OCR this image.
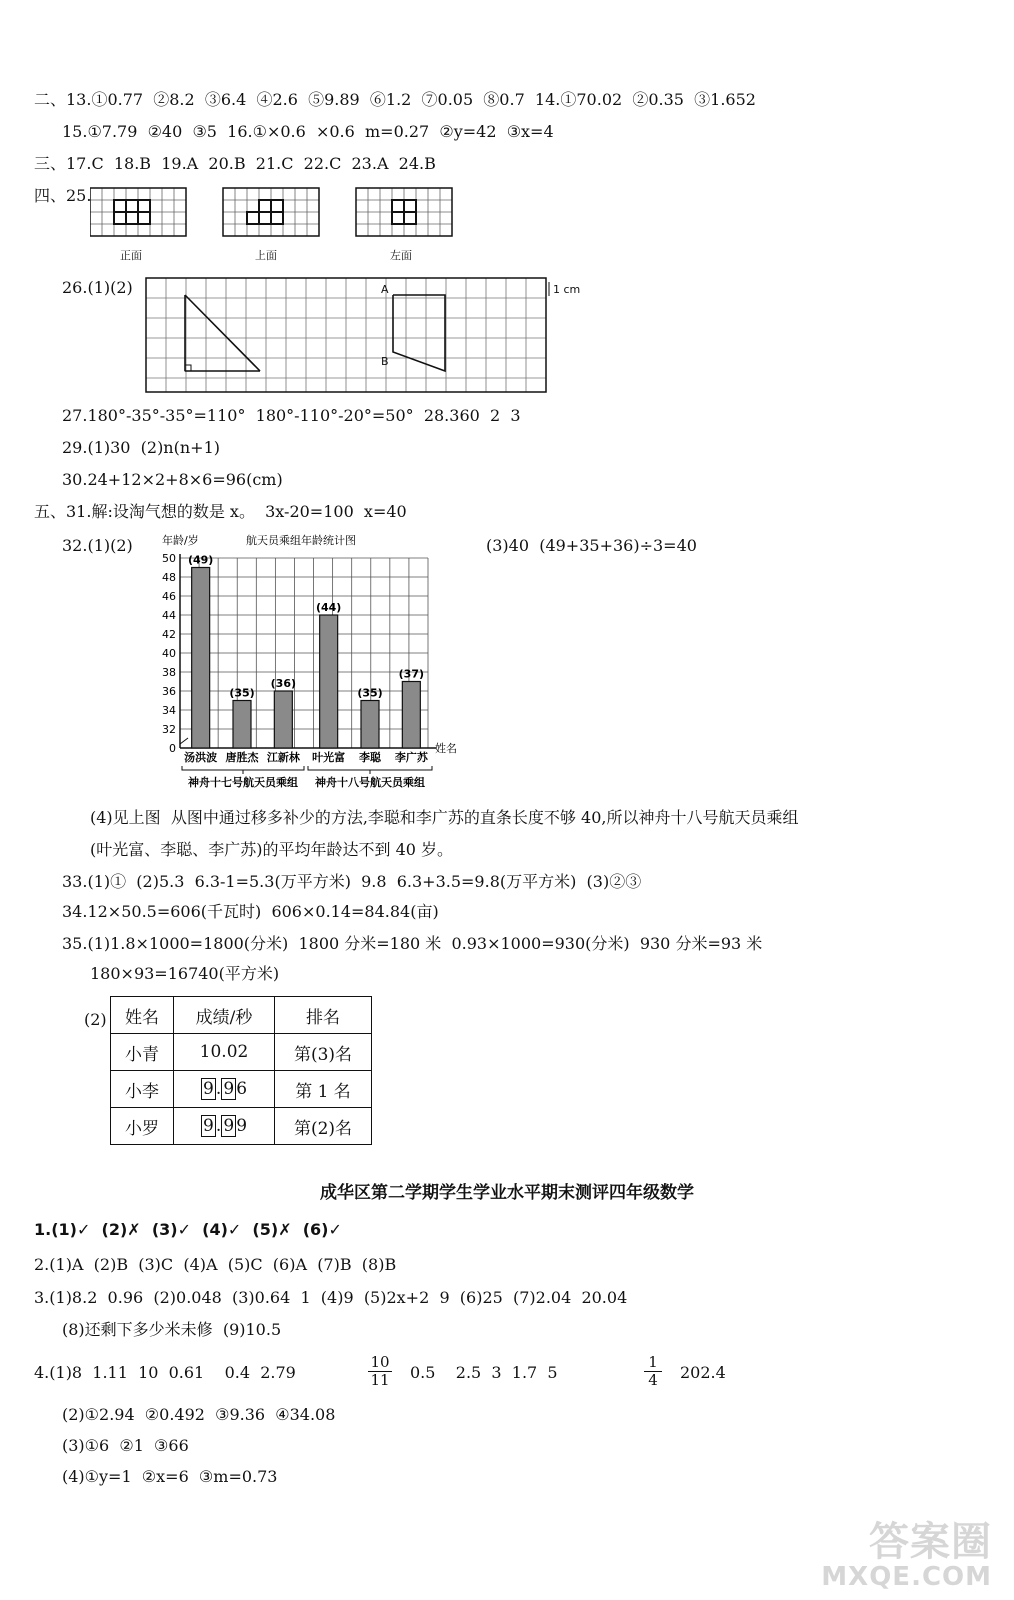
二、13.①0.77  ②8.2  ③6.4  ④2.6  ⑤9.89  ⑥1.2  ⑦0.05  ⑧0.7  14.①70.02  ②0.35  ③1.652
15.①7.79  ②40  ③5  16.①×0.6  ×0.6  m=0.27  ②y=42  ③x=4
三、17.C  18.B  19.A  20.B  21.C  22.C  23.A  24.B
四、25.
正面	上面	左面
26.(1)(2)	A
B
1 cm
27.180°-35°-35°=110°  180°-110°-20°=50°  28.360  2  3
29.(1)30  (2)n(n+1)
30.24+12×2+8×6=96(cm)
五、31.解:设淘气想的数是 x。  3x-20=100  x=40
32.(1)(2)	(3)40  (49+35+36)÷3=40
年龄/岁	航天员乘组年龄统计图
姓名
0
32
34
36
38
40
42
44
46
48
50 (49)
汤洪波
(35)
唐胜杰
(36)
江新林
(44)
叶光富
(35)
李聪
(37)
李广苏
神舟十七号航天员乘组 神舟十八号航天员乘组
(4)见上图  从图中通过移多补少的方法,李聪和李广苏的直条长度不够 40,所以神舟十八号航天员乘组
(叶光富、李聪、李广苏)的平均年龄达不到 40 岁。
33.(1)①  (2)5.3  6.3-1=5.3(万平方米)  9.8  6.3+3.5=9.8(万平方米)  (3)②③
34.12×50.5=606(千瓦时)  606×0.14=84.84(亩)
35.(1)1.8×1000=1800(分米)  1800 分米=180 米  0.93×1000=930(分米)  930 分米=93 米
180×93=16740(平方米)
(2) 姓名	成绩/秒	排名
小青	10.02	第(3)名
小李	9 . 9 6	第 1 名
小罗	9 . 9 9	第(2)名
成华区第二学期学生学业水平期末测评四年级数学
1.(1)✓  (2)✗  (3)✓  (4)✓  (5)✗  (6)✓
2.(1)A  (2)B  (3)C  (4)A  (5)C  (6)A  (7)B  (8)B
3.(1)8.2  0.96  (2)0.048  (3)0.64  1  (4)9  (5)2x+2  9  (6)25  (7)2.04  20.04
(8)还剩下多少米未修  (9)10.5
4.(1)8  1.11  10  0.61    0.4  2.79	$\frac{10}{11} 0.5$    2.5  3  1.7  5	$\frac{1}{4} 202.4$
(2)①2.94  ②0.492  ③9.36  ④34.08
(3)①6  ②1  ③66
(4)①y=1  ②x=6  ③m=0.73
答案圈
MXQE.COM
